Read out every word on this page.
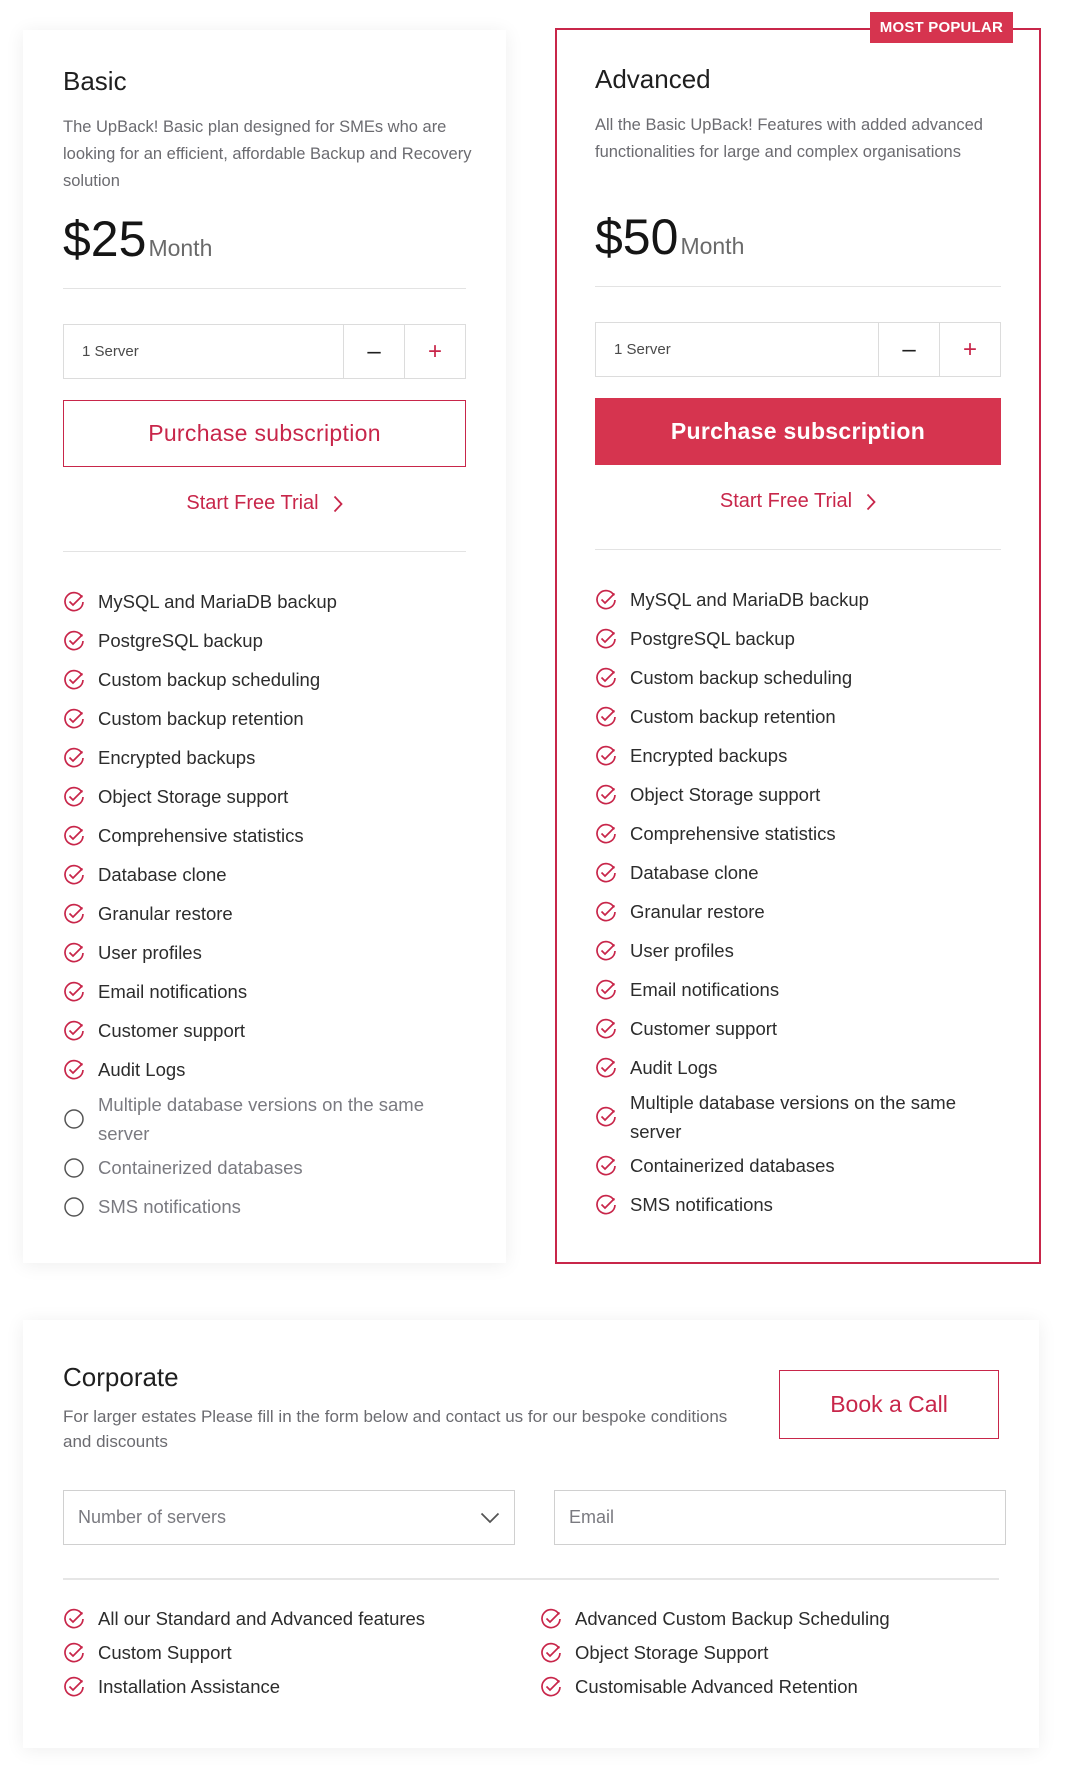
Basic
The UpBack! Basic plan designed for SMEs who are looking for an efficient, affordable Backup and Recovery solution
$25 Month
1 Server	–	+
Purchase subscription
Start Free Trial
MySQL and MariaDB backup
PostgreSQL backup
Custom backup scheduling
Custom backup retention
Encrypted backups
Object Storage support
Comprehensive statistics
Database clone
Granular restore
User profiles
Email notifications
Customer support
Audit Logs
Multiple database versions on the same server
Containerized databases
SMS notifications
MOST POPULAR
Advanced
All the Basic UpBack! Features with added advanced functionalities for large and complex organisations
$50 Month
1 Server	–	+
Purchase subscription
Start Free Trial
MySQL and MariaDB backup
PostgreSQL backup
Custom backup scheduling
Custom backup retention
Encrypted backups
Object Storage support
Comprehensive statistics
Database clone
Granular restore
User profiles
Email notifications
Customer support
Audit Logs
Multiple database versions on the same server
Containerized databases
SMS notifications
Corporate
For larger estates Please fill in the form below and contact us for our bespoke conditions and discounts
Book a Call
Number of servers	Email
All our Standard and Advanced features
Custom Support
Installation Assistance
Advanced Custom Backup Scheduling
Object Storage Support
Customisable Advanced Retention
